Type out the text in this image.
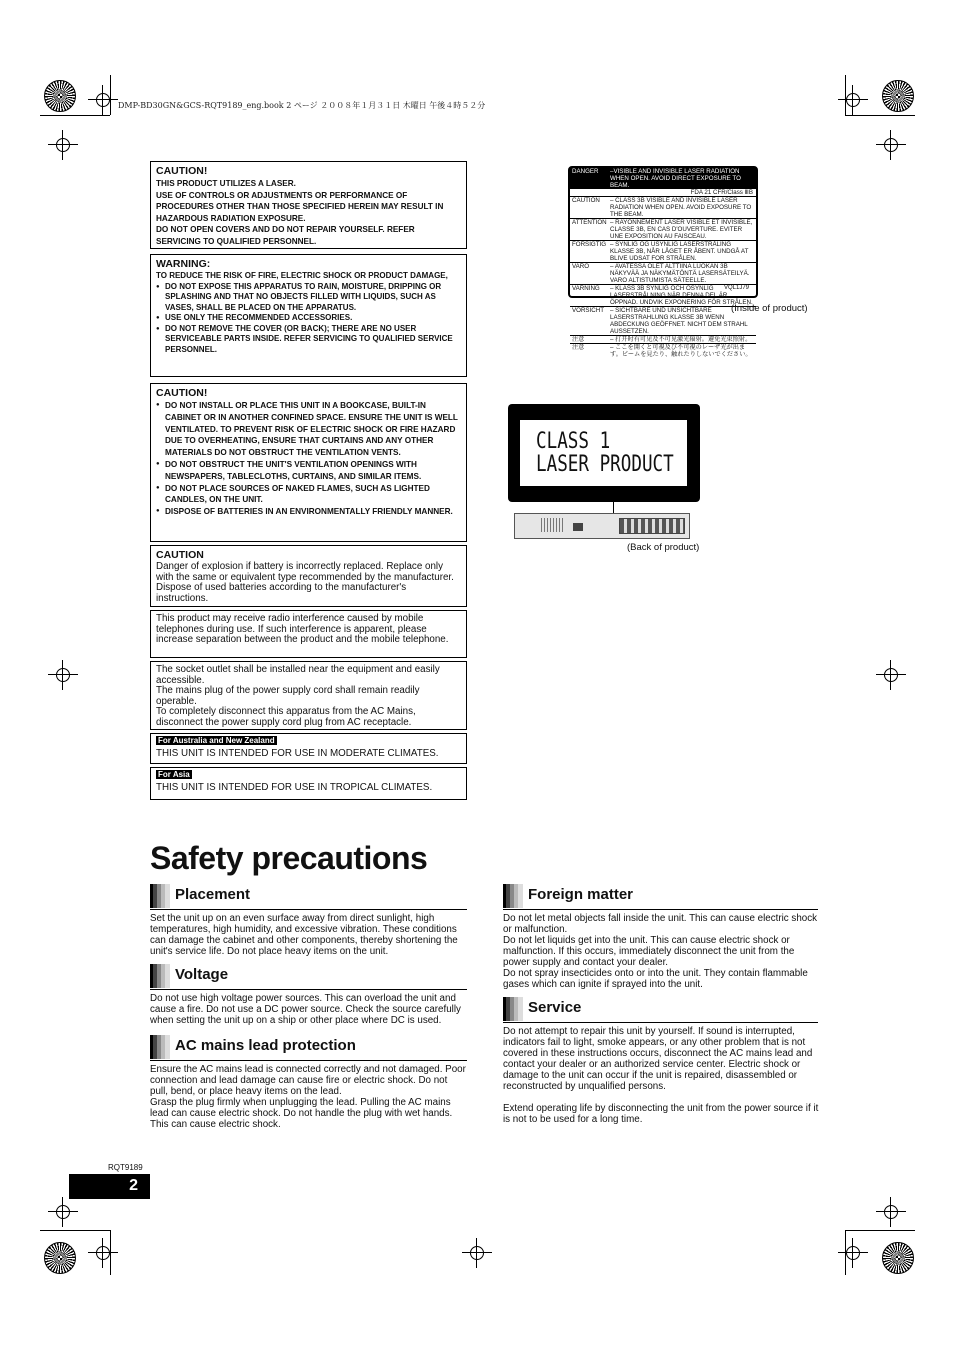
DMP-BD30GN&GCS-RQT9189_eng.book 2 ページ ２００８年１月３１日 木曜日 午後４時５２分
CAUTION!
THIS PRODUCT UTILIZES A LASER.
USE OF CONTROLS OR ADJUSTMENTS OR PERFORMANCE OF PROCEDURES OTHER THAN THOSE SPECIFIED HEREIN MAY RESULT IN HAZARDOUS RADIATION EXPOSURE.
DO NOT OPEN COVERS AND DO NOT REPAIR YOURSELF. REFER SERVICING TO QUALIFIED PERSONNEL.
WARNING:
TO REDUCE THE RISK OF FIRE, ELECTRIC SHOCK OR PRODUCT DAMAGE,
● DO NOT EXPOSE THIS APPARATUS TO RAIN, MOISTURE, DRIPPING OR SPLASHING AND THAT NO OBJECTS FILLED WITH LIQUIDS, SUCH AS VASES, SHALL BE PLACED ON THE APPARATUS.
● USE ONLY THE RECOMMENDED ACCESSORIES.
● DO NOT REMOVE THE COVER (OR BACK); THERE ARE NO USER SERVICEABLE PARTS INSIDE. REFER SERVICING TO QUALIFIED SERVICE PERSONNEL.
CAUTION!
● DO NOT INSTALL OR PLACE THIS UNIT IN A BOOKCASE, BUILT-IN CABINET OR IN ANOTHER CONFINED SPACE. ENSURE THE UNIT IS WELL VENTILATED. TO PREVENT RISK OF ELECTRIC SHOCK OR FIRE HAZARD DUE TO OVERHEATING, ENSURE THAT CURTAINS AND ANY OTHER MATERIALS DO NOT OBSTRUCT THE VENTILATION VENTS.
● DO NOT OBSTRUCT THE UNIT'S VENTILATION OPENINGS WITH NEWSPAPERS, TABLECLOTHS, CURTAINS, AND SIMILAR ITEMS.
● DO NOT PLACE SOURCES OF NAKED FLAMES, SUCH AS LIGHTED CANDLES, ON THE UNIT.
● DISPOSE OF BATTERIES IN AN ENVIRONMENTALLY FRIENDLY MANNER.
CAUTION
Danger of explosion if battery is incorrectly replaced. Replace only with the same or equivalent type recommended by the manufacturer. Dispose of used batteries according to the manufacturer's instructions.
This product may receive radio interference caused by mobile telephones during use. If such interference is apparent, please increase separation between the product and the mobile telephone.
The socket outlet shall be installed near the equipment and easily accessible.
The mains plug of the power supply cord shall remain readily operable.
To completely disconnect this apparatus from the AC Mains, disconnect the power supply cord plug from AC receptacle.
For Australia and New Zealand
THIS UNIT IS INTENDED FOR USE IN MODERATE CLIMATES.
For Asia
THIS UNIT IS INTENDED FOR USE IN TROPICAL CLIMATES.
DANGER	–VISIBLE AND INVISIBLE LASER RADIATION WHEN OPEN. AVOID DIRECT EXPOSURE TO BEAM.
FDA 21 CFR/Class ⅢB
CAUTION	– CLASS 3B VISIBLE AND INVISIBLE LASER RADIATION WHEN OPEN. AVOID EXPOSURE TO THE BEAM.
ATTENTION – RAYONNEMENT LASER VISIBLE ET INVISIBLE, CLASSE 3B, EN CAS D'OUVERTURE. EVITER UNE EXPOSITION AU FAISCEAU.
FORSIGTIG – SYNLIG OG USYNLIG LASERSTRÅLING KLASSE 3B, NÅR LÅGET ER ÅBENT. UNDGÅ AT BLIVE UDSAT FOR STRÅLEN.
VARO	– AVATESSA OLET ALTTIINA LUOKAN 3B NÄKYVÄÄ JA NÄKYMÄTÖNTÄ LASERSÄTEILYÄ. VARO ALTISTUMISTA SÄTEELLE.
VARNING	– KLASS 3B SYNLIG OCH OSYNLIG LASERSTRÅLNING NÄR DENNA DEL ÄR ÖPPNAD. UNDVIK EXPONERING FÖR STRÅLEN.
VORSICHT – SICHTBARE UND UNSICHTBARE LASERSTRAHLUNG KLASSE 3B WENN ABDECKUNG GEÖFFNET. NICHT DEM STRAHL AUSSETZEN.
注意	– 打开时有可见及不可见激光辐射。避免光束照射。
注意	– ここを開くと可視及び不可視のレーザ光が出ます。ビームを見たり、触れたりしないでください。
VQL1J79
(Inside of product)
CLASS 1
LASER PRODUCT
(Back of product)
Safety precautions
Placement
Set the unit up on an even surface away from direct sunlight, high temperatures, high humidity, and excessive vibration. These conditions can damage the cabinet and other components, thereby shortening the unit's service life. Do not place heavy items on the unit.
Voltage
Do not use high voltage power sources. This can overload the unit and cause a fire. Do not use a DC power source. Check the source carefully when setting the unit up on a ship or other place where DC is used.
AC mains lead protection
Ensure the AC mains lead is connected correctly and not damaged. Poor connection and lead damage can cause fire or electric shock. Do not pull, bend, or place heavy items on the lead.
Grasp the plug firmly when unplugging the lead. Pulling the AC mains lead can cause electric shock. Do not handle the plug with wet hands. This can cause electric shock.
Foreign matter
Do not let metal objects fall inside the unit. This can cause electric shock or malfunction.
Do not let liquids get into the unit. This can cause electric shock or malfunction. If this occurs, immediately disconnect the unit from the power supply and contact your dealer.
Do not spray insecticides onto or into the unit. They contain flammable gases which can ignite if sprayed into the unit.
Service
Do not attempt to repair this unit by yourself. If sound is interrupted, indicators fail to light, smoke appears, or any other problem that is not covered in these instructions occurs, disconnect the AC mains lead and contact your dealer or an authorized service center. Electric shock or damage to the unit can occur if the unit is repaired, disassembled or reconstructed by unqualified persons.
Extend operating life by disconnecting the unit from the power source if it is not to be used for a long time.
RQT9189
2
